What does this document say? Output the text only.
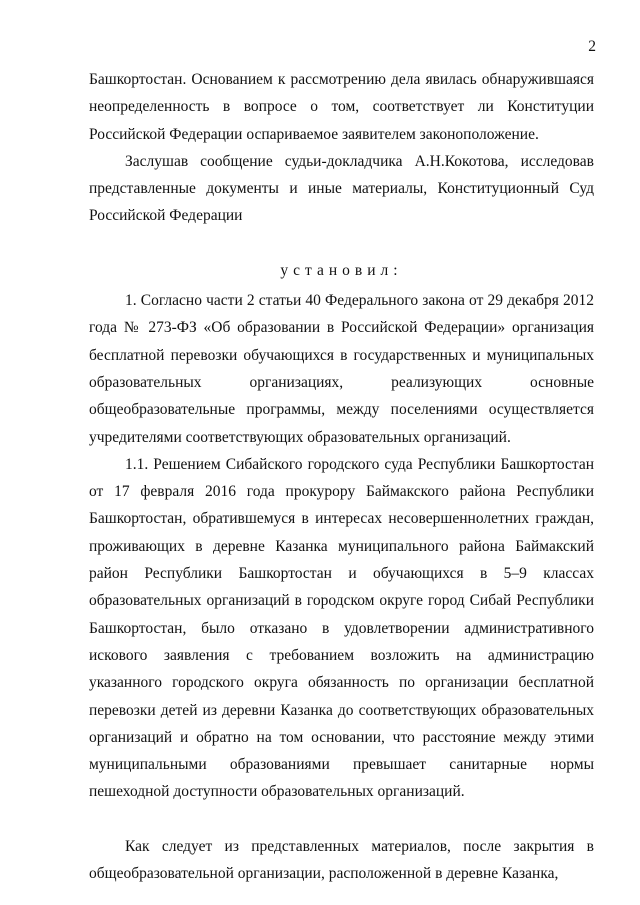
2

Башкортостан. Основанием к рассмотрению дела явилась обнаружившаяся неопределенность в вопросе о том, соответствует ли Конституции Российской Федерации оспариваемое заявителем законоположение.

Заслушав сообщение судьи-докладчика А.Н.Кокотова, исследовав представленные документы и иные материалы, Конституционный Суд Российской Федерации

установил:

1. Согласно части 2 статьи 40 Федерального закона от 29 декабря 2012 года № 273-ФЗ «Об образовании в Российской Федерации» организация бесплатной перевозки обучающихся в государственных и муниципальных образовательных организациях, реализующих основные общеобразовательные программы, между поселениями осуществляется учредителями соответствующих образовательных организаций.

1.1. Решением Сибайского городского суда Республики Башкортостан от 17 февраля 2016 года прокурору Баймакского района Республики Башкортостан, обратившемуся в интересах несовершеннолетних граждан, проживающих в деревне Казанка муниципального района Баймакский район Республики Башкортостан и обучающихся в 5–9 классах образовательных организаций в городском округе город Сибай Республики Башкортостан, было отказано в удовлетворении административного искового заявления с требованием возложить на администрацию указанного городского округа обязанность по организации бесплатной перевозки детей из деревни Казанка до соответствующих образовательных организаций и обратно на том основании, что расстояние между этими муниципальными образованиями превышает санитарные нормы пешеходной доступности образовательных организаций.

Как следует из представленных материалов, после закрытия в общеобразовательной организации, расположенной в деревне Казанка,
